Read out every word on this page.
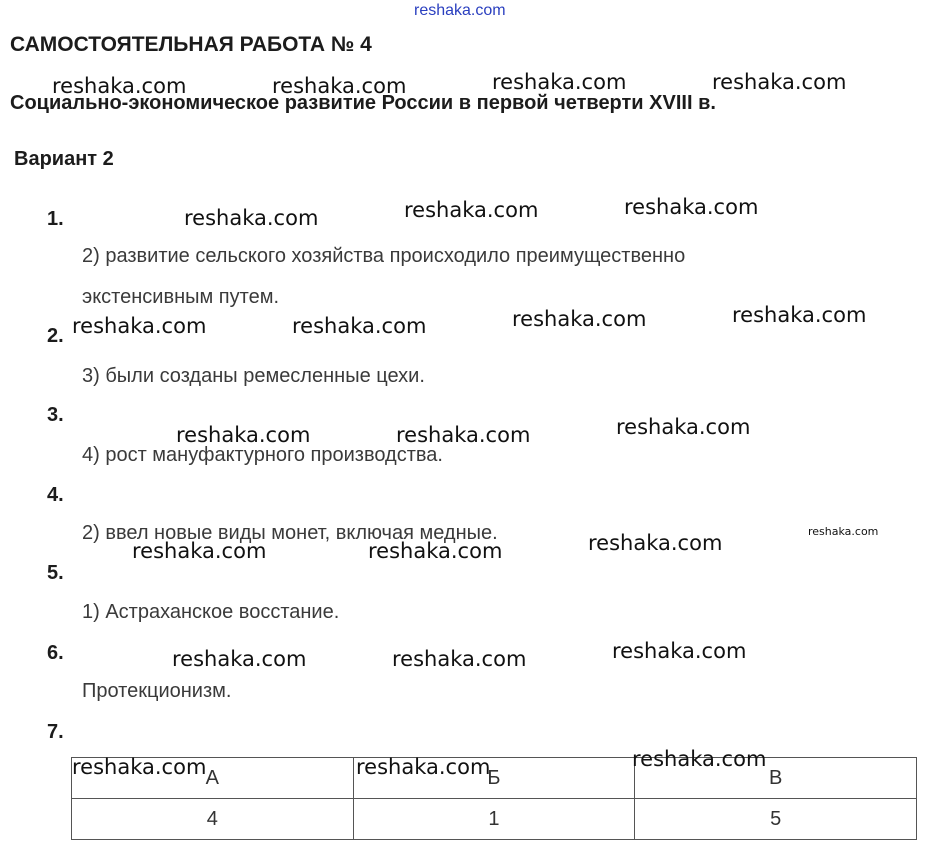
reshaka.com
САМОСТОЯТЕЛЬНАЯ РАБОТА № 4
Социально-экономическое развитие России в первой четверти XVIII в.
Вариант 2
1.
2) развитие сельского хозяйства происходило преимущественно
экстенсивным путем.
2.
3) были созданы ремесленные цехи.
3.
4) рост мануфактурного производства.
4.
2) ввел новые виды монет, включая медные.
5.
1) Астраханское восстание.
6.
Протекционизм.
7.
А	Б	В
4	1	5
reshaka.com	reshaka.com	reshaka.com	reshaka.com
reshaka.com	reshaka.com	reshaka.com
reshaka.com	reshaka.com	reshaka.com	reshaka.com
reshaka.com	reshaka.com	reshaka.com
reshaka.com
reshaka.com	reshaka.com	reshaka.com
reshaka.com	reshaka.com	reshaka.com
reshaka.com	reshaka.com	reshaka.com
